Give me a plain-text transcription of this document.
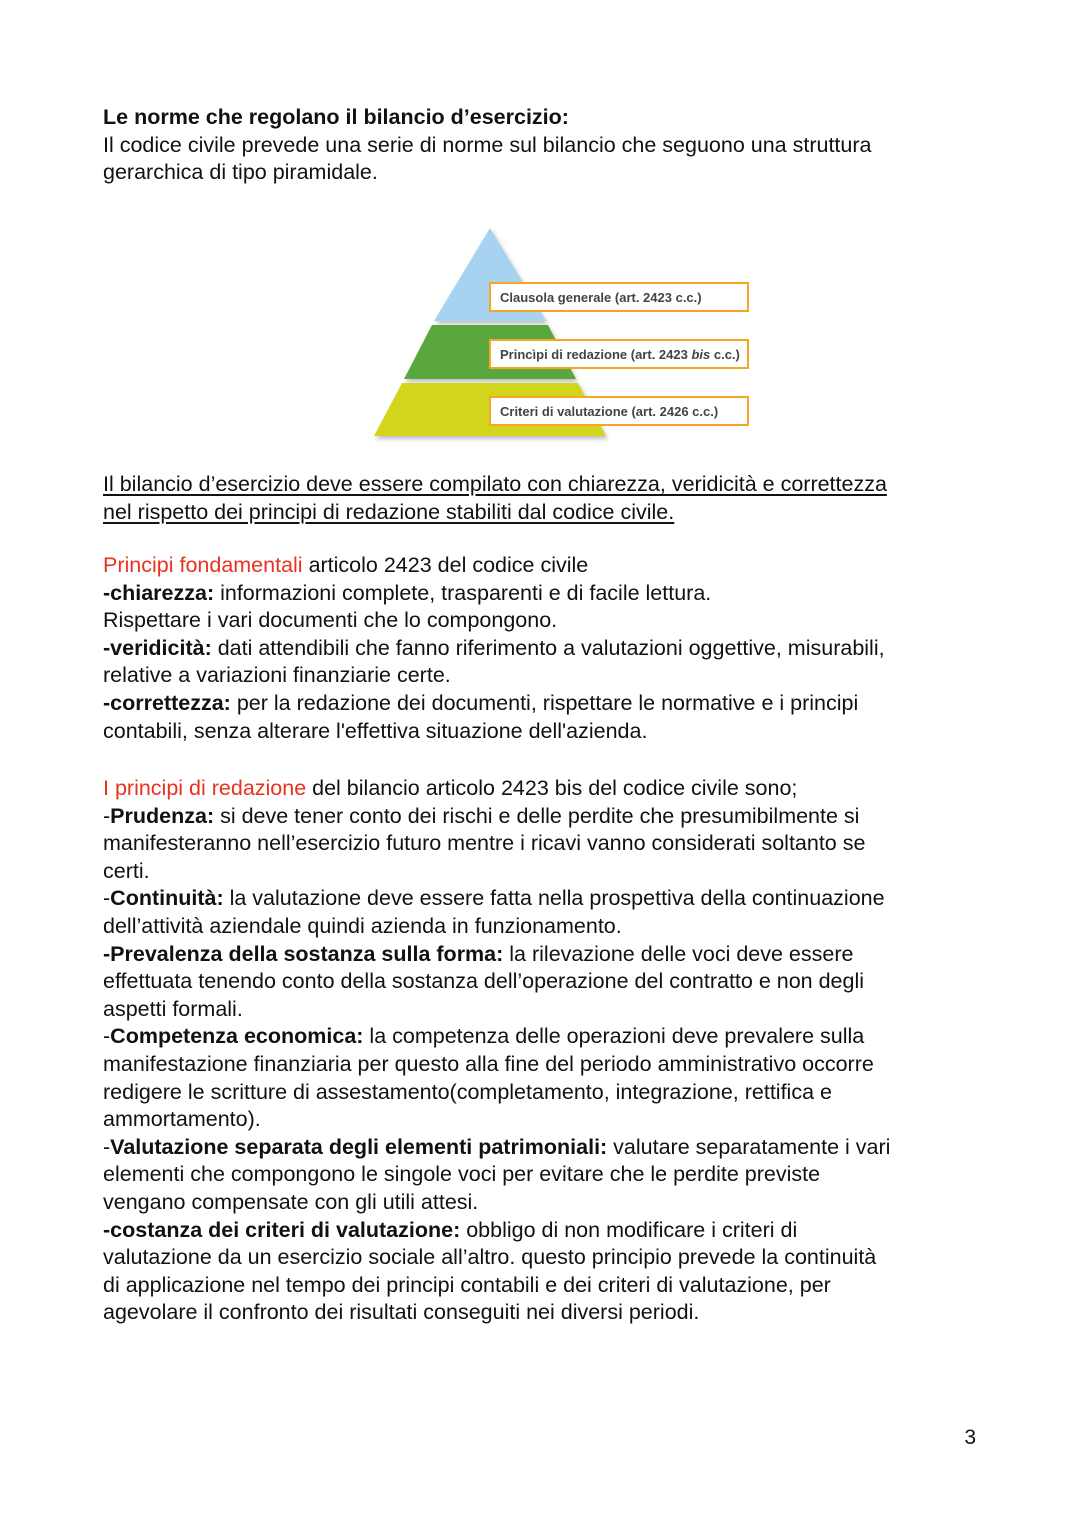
Le norme che regolano il bilancio d’esercizio:
Il codice civile prevede una serie di norme sul bilancio che seguono una struttura
gerarchica di tipo piramidale.
Clausola generale (art. 2423 c.c.)
Princìpi di redazione (art. 2423 bis c.c.)
Criteri di valutazione (art. 2426 c.c.)
Il bilancio d’esercizio deve essere compilato con chiarezza, veridicità e correttezza
nel rispetto dei principi di redazione stabiliti dal codice civile.
Principi fondamentali articolo 2423 del codice civile
-chiarezza: informazioni complete, trasparenti e di facile lettura.
Rispettare i vari documenti che lo compongono.
-veridicità: dati attendibili che fanno riferimento a valutazioni oggettive, misurabili,
relative a variazioni finanziarie certe.
-correttezza: per la redazione dei documenti, rispettare le normative e i principi
contabili, senza alterare l'effettiva situazione dell'azienda.
I principi di redazione del bilancio articolo 2423 bis del codice civile sono;
-Prudenza: si deve tener conto dei rischi e delle perdite che presumibilmente si
manifesteranno nell’esercizio futuro mentre i ricavi vanno considerati soltanto se
certi.
-Continuità: la valutazione deve essere fatta nella prospettiva della continuazione
dell’attività aziendale quindi azienda in funzionamento.
-Prevalenza della sostanza sulla forma: la rilevazione delle voci deve essere
effettuata tenendo conto della sostanza dell’operazione del contratto e non degli
aspetti formali.
-Competenza economica: la competenza delle operazioni deve prevalere sulla
manifestazione finanziaria per questo alla fine del periodo amministrativo occorre
redigere le scritture di assestamento(completamento, integrazione, rettifica e
ammortamento).
-Valutazione separata degli elementi patrimoniali: valutare separatamente i vari
elementi che compongono le singole voci per evitare che le perdite previste
vengano compensate con gli utili attesi.
-costanza dei criteri di valutazione: obbligo di non modificare i criteri di
valutazione da un esercizio sociale all’altro. questo principio prevede la continuità
di applicazione nel tempo dei principi contabili e dei criteri di valutazione, per
agevolare il confronto dei risultati conseguiti nei diversi periodi.
3
